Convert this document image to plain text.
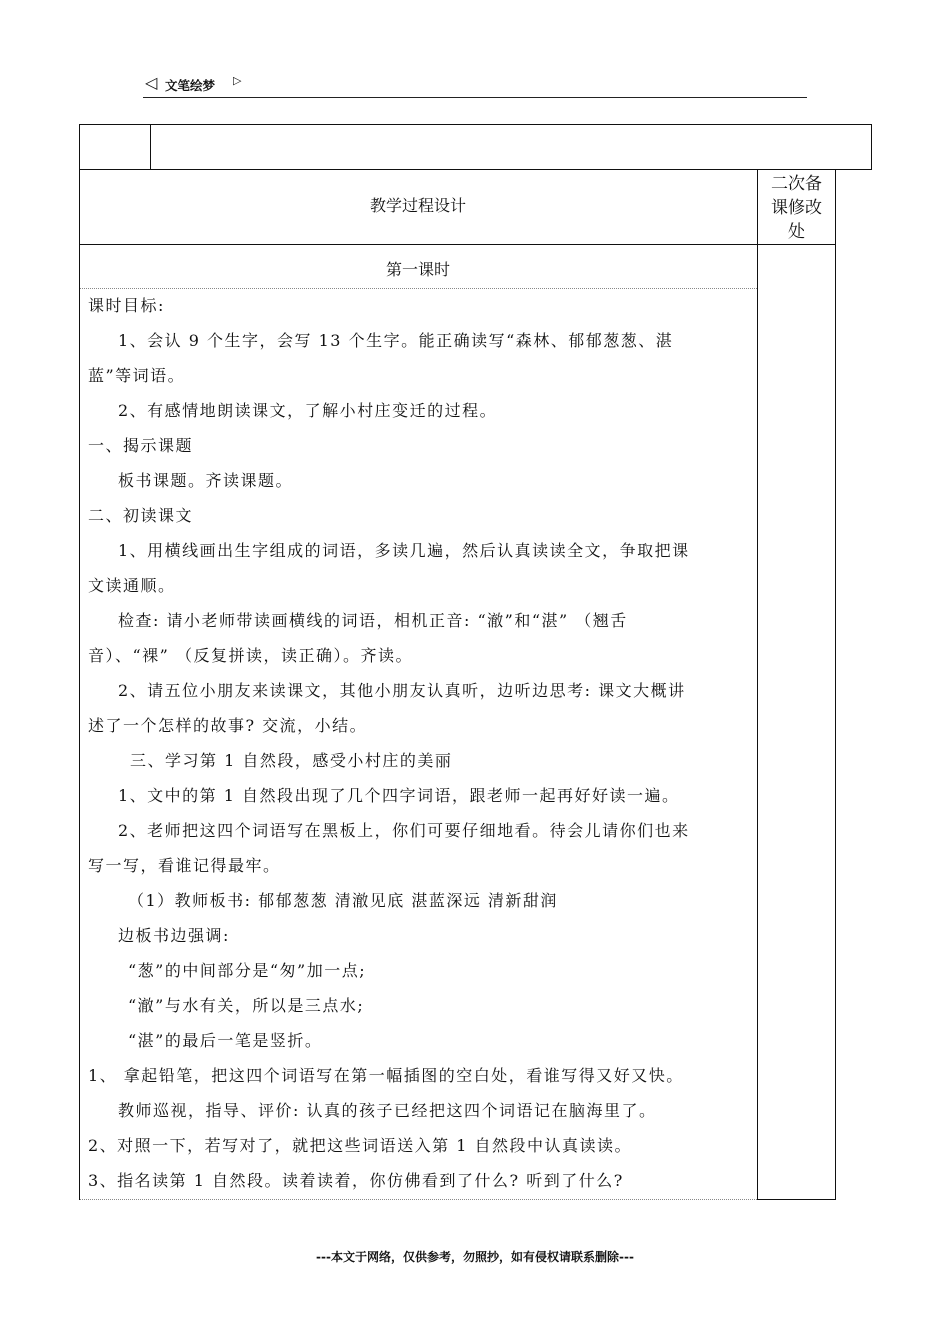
◁ 文笔绘梦 ▷
教学过程设计
二次备
课修改
处
第一课时

课时目标:

1、会认 9 个生字，会写 13 个生字。能正确读写“森林、郁郁葱葱、湛

蓝”等词语。

2、有感情地朗读课文，了解小村庄变迁的过程。

一、揭示课题

板书课题。齐读课题。

二、初读课文

1、用横线画出生字组成的词语，多读几遍，然后认真读读全文，争取把课

文读通顺。

检查: 请小老师带读画横线的词语，相机正音: “澈”和“湛” （翘舌

音）、“裸” （反复拼读，读正确）。齐读。

2、请五位小朋友来读课文，其他小朋友认真听，边听边思考: 课文大概讲

述了一个怎样的故事? 交流，小结。

三、学习第 1 自然段，感受小村庄的美丽

1、文中的第 1 自然段出现了几个四字词语，跟老师一起再好好读一遍。

2、老师把这四个词语写在黑板上，你们可要仔细地看。待会儿请你们也来

写一写，看谁记得最牢。

（1）教师板书: 郁郁葱葱 清澈见底 湛蓝深远 清新甜润

边板书边强调:

“葱”的中间部分是“匆”加一点;

“澈”与水有关，所以是三点水;

“湛”的最后一笔是竖折。

1、 拿起铅笔，把这四个词语写在第一幅插图的空白处，看谁写得又好又快。

教师巡视，指导、评价: 认真的孩子已经把这四个词语记在脑海里了。

2、对照一下，若写对了，就把这些词语送入第 1 自然段中认真读读。

3、指名读第 1 自然段。读着读着，你仿佛看到了什么? 听到了什么?

---本文于网络，仅供参考，勿照抄，如有侵权请联系删除---
